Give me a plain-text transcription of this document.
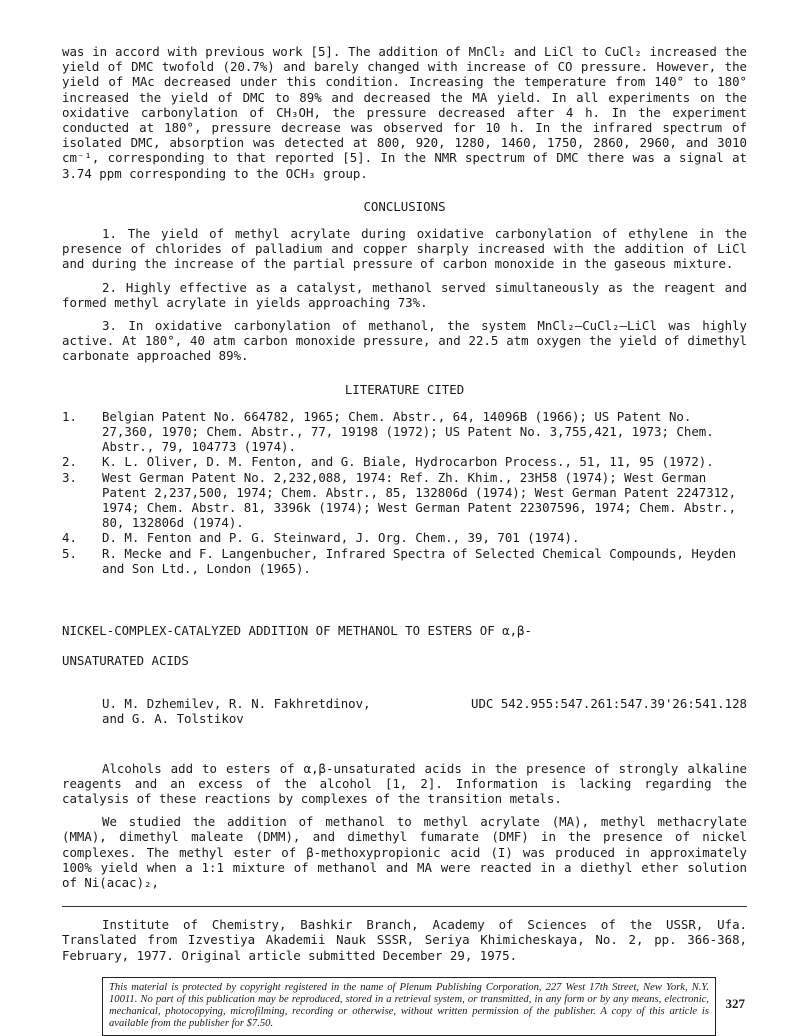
was in accord with previous work [5]. The addition of MnCl₂ and LiCl to CuCl₂ increased the yield of DMC twofold (20.7%) and barely changed with increase of CO pressure. However, the yield of MAc decreased under this condition. Increasing the temperature from 140° to 180° increased the yield of DMC to 89% and decreased the MA yield. In all experiments on the oxidative carbonylation of CH₃OH, the pressure decreased after 4 h. In the experiment conducted at 180°, pressure decrease was observed for 10 h. In the infrared spectrum of isolated DMC, absorption was detected at 800, 920, 1280, 1460, 1750, 2860, 2960, and 3010 cm⁻¹, corresponding to that reported [5]. In the NMR spectrum of DMC there was a signal at 3.74 ppm corresponding to the OCH₃ group.

CONCLUSIONS

1. The yield of methyl acrylate during oxidative carbonylation of ethylene in the presence of chlorides of palladium and copper sharply increased with the addition of LiCl and during the increase of the partial pressure of carbon monoxide in the gaseous mixture.

2. Highly effective as a catalyst, methanol served simultaneously as the reagent and formed methyl acrylate in yields approaching 73%.

3. In oxidative carbonylation of methanol, the system MnCl₂–CuCl₂–LiCl was highly active. At 180°, 40 atm carbon monoxide pressure, and 22.5 atm oxygen the yield of dimethyl carbonate approached 89%.

LITERATURE CITED
1.	Belgian Patent No. 664782, 1965; Chem. Abstr., 64, 14096B (1966); US Patent No. 27,360, 1970; Chem. Abstr., 77, 19198 (1972); US Patent No. 3,755,421, 1973; Chem. Abstr., 79, 104773 (1974).
2.	K. L. Oliver, D. M. Fenton, and G. Biale, Hydrocarbon Process., 51, 11, 95 (1972).
3.	West German Patent No. 2,232,088, 1974: Ref. Zh. Khim., 23H58 (1974); West German Patent 2,237,500, 1974; Chem. Abstr., 85, 132806d (1974); West German Patent 2247312, 1974; Chem. Abstr. 81, 3396k (1974); West German Patent 22307596, 1974; Chem. Abstr., 80, 132806d (1974).
4.	D. M. Fenton and P. G. Steinward, J. Org. Chem., 39, 701 (1974).
5.	R. Mecke and F. Langenbucher, Infrared Spectra of Selected Chemical Compounds, Heyden and Son Ltd., London (1965).
NICKEL-COMPLEX-CATALYZED ADDITION OF METHANOL TO ESTERS OF α,β-
UNSATURATED ACIDS
U. M. Dzhemilev, R. N. Fakhretdinov,
and G. A. Tolstikov
UDC 542.955:547.261:547.39'26:541.128

Alcohols add to esters of α,β-unsaturated acids in the presence of strongly alkaline reagents and an excess of the alcohol [1, 2]. Information is lacking regarding the catalysis of these reactions by complexes of the transition metals.

We studied the addition of methanol to methyl acrylate (MA), methyl methacrylate (MMA), dimethyl maleate (DMM), and dimethyl fumarate (DMF) in the presence of nickel complexes. The methyl ester of β-methoxypropionic acid (I) was produced in approximately 100% yield when a 1:1 mixture of methanol and MA were reacted in a diethyl ether solution of Ni(acac)₂,

Institute of Chemistry, Bashkir Branch, Academy of Sciences of the USSR, Ufa. Translated from Izvestiya Akademii Nauk SSSR, Seriya Khimicheskaya, No. 2, pp. 366-368, February, 1977. Original article submitted December 29, 1975.

This material is protected by copyright registered in the name of Plenum Publishing Corporation, 227 West 17th Street, New York, N.Y. 10011. No part of this publication may be reproduced, stored in a retrieval system, or transmitted, in any form or by any means, electronic, mechanical, photocopying, microfilming, recording or otherwise, without written permission of the publisher. A copy of this article is available from the publisher for $7.50.
327
